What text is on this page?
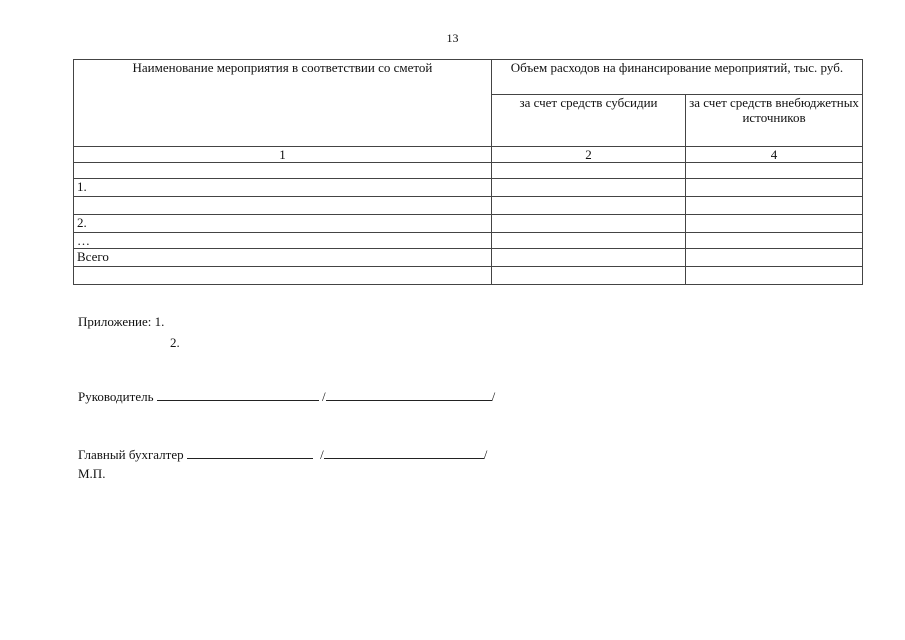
13
Наименование мероприятия в соответствии со сметой	Объем расходов на финансирование мероприятий, тыс. руб.	
	за счет средств субсидии	за счет средств внебюджетных источников
1	2	4

1.		

2.		
…		
Всего		

Приложение: 1.
2.
Руководитель	/	/
Главный бухгалтер	/	/
М.П.
